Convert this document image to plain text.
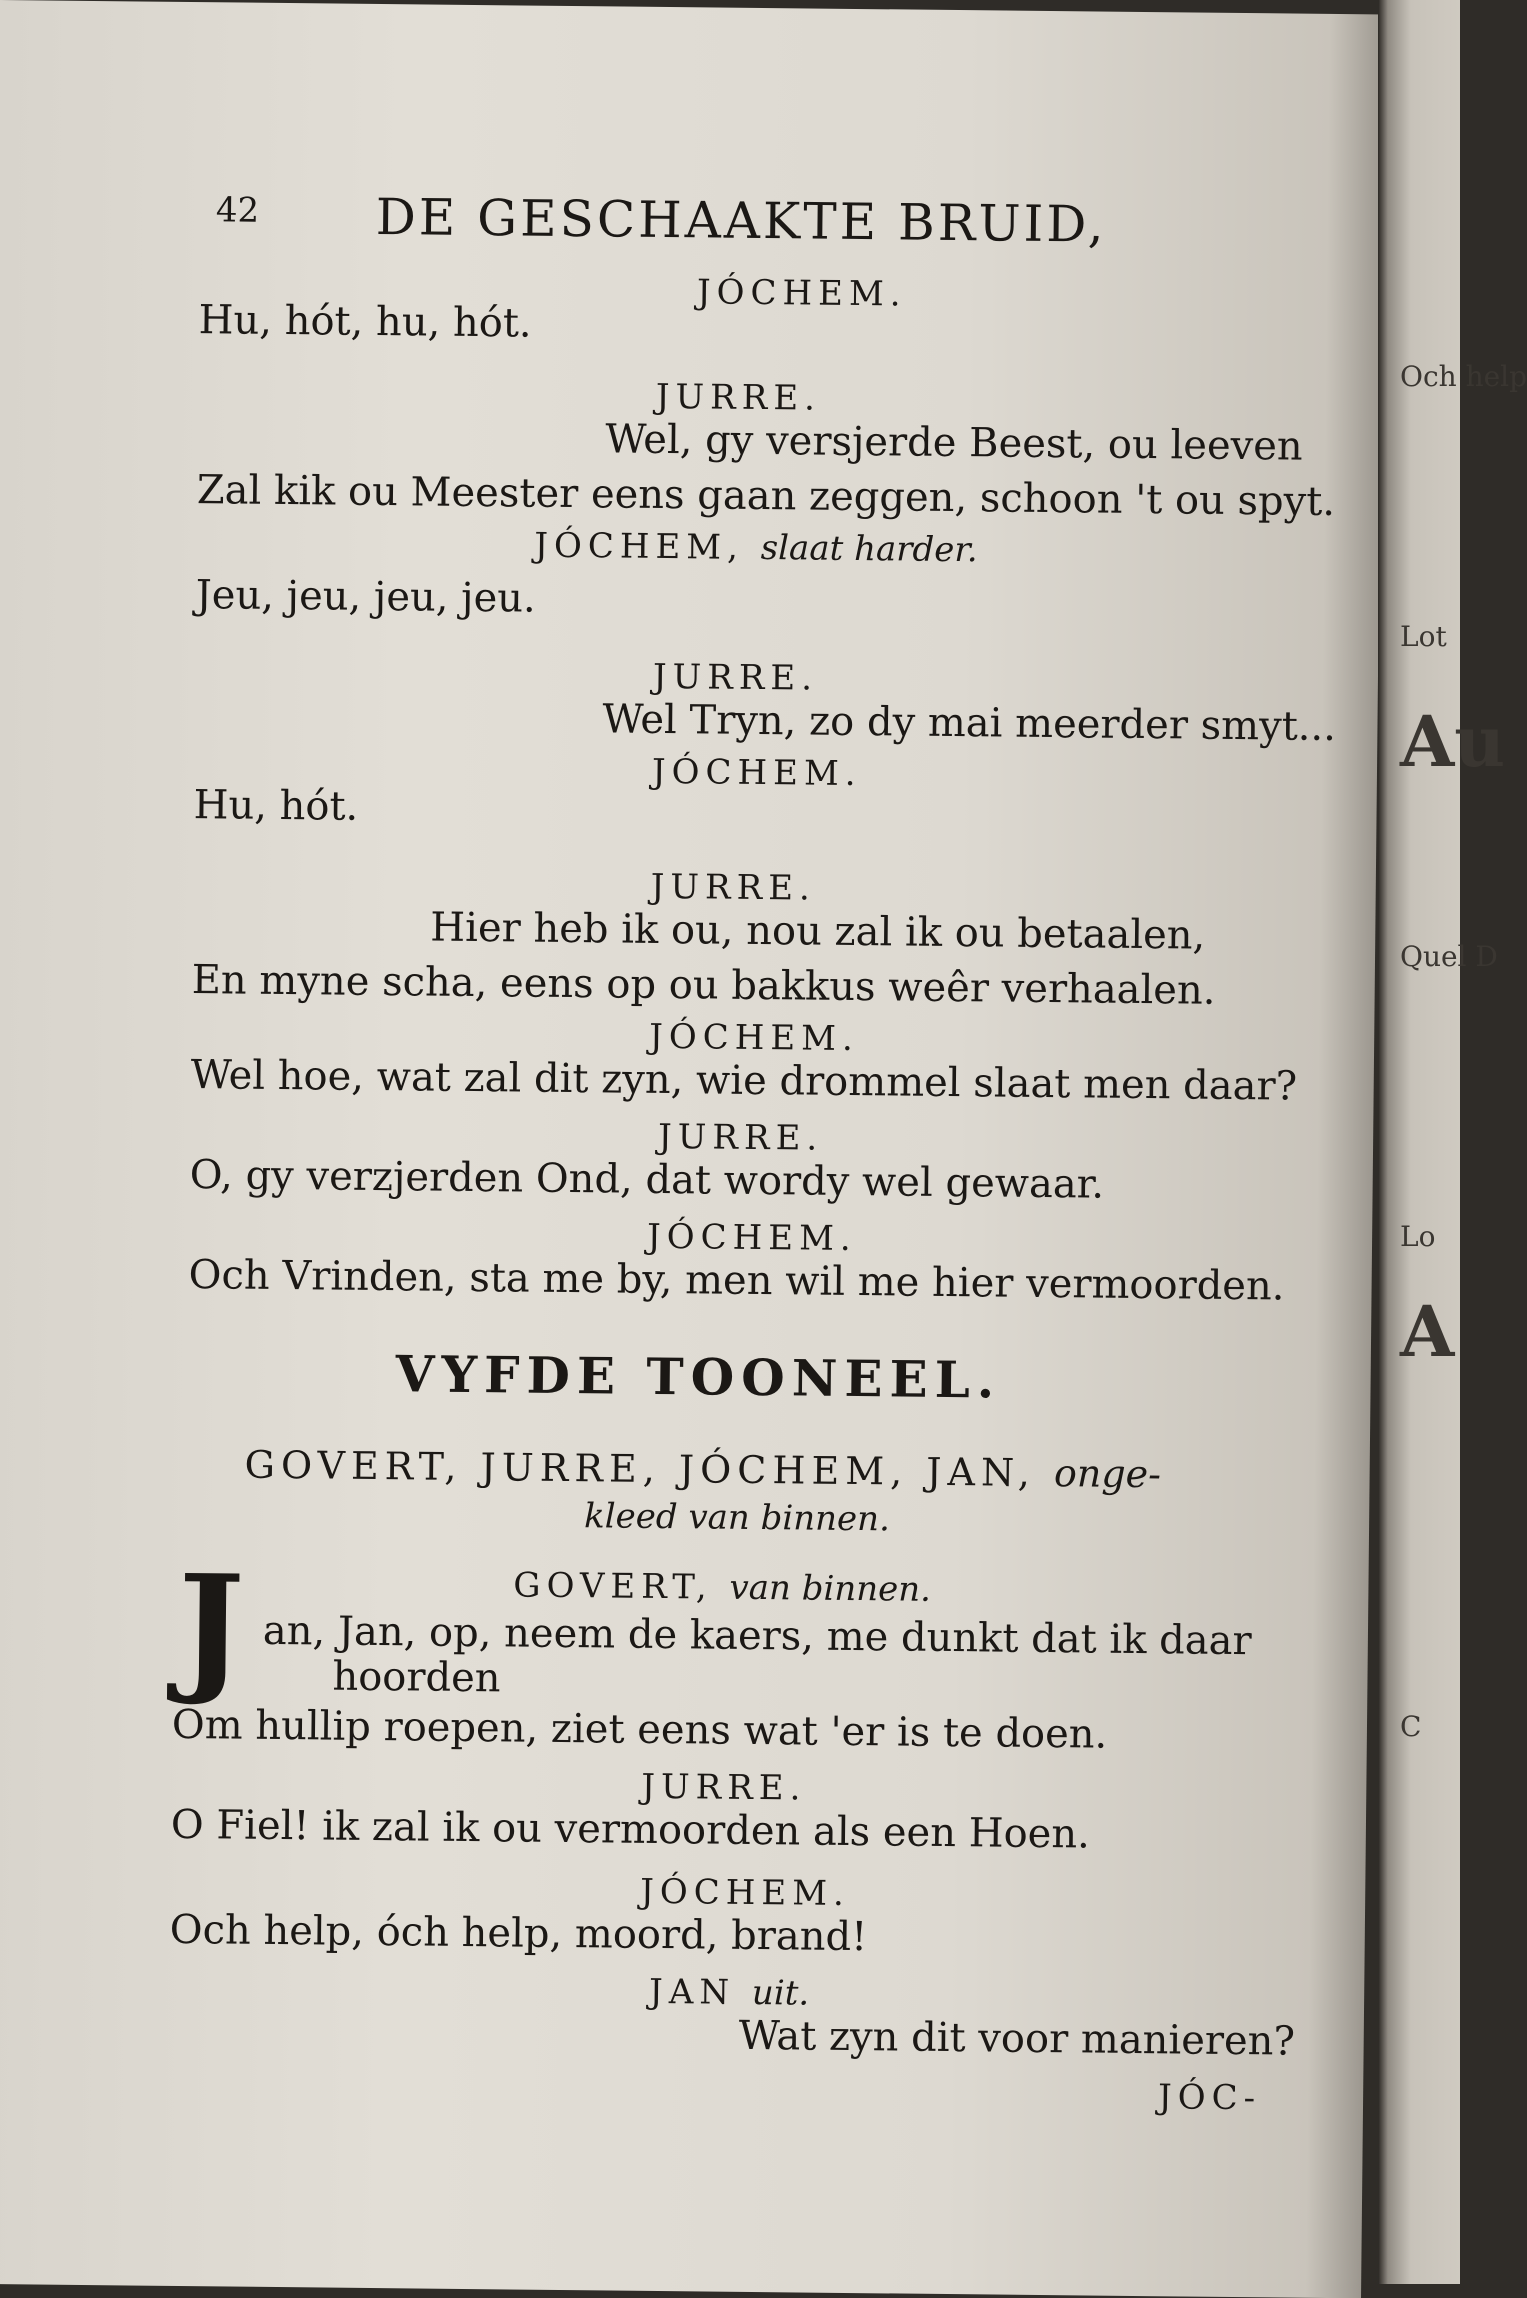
42 DE GESCHAAKTE BRUID,
JÓCHEM.
Hu, hót, hu, hót.
JURRE.
Wel, gy versjerde Beest, ou leeven
Zal kik ou Meester eens gaan zeggen, schoon 't ou spyt.
JÓCHEM, slaat harder.
Jeu, jeu, jeu, jeu.
JURRE.
Wel Tryn, zo dy mai meerder smyt...
JÓCHEM.
Hu, hót.
JURRE.
Hier heb ik ou, nou zal ik ou betaalen,
En myne scha, eens op ou bakkus weêr verhaalen.
JÓCHEM.
Wel hoe, wat zal dit zyn, wie drommel slaat men daar?
JURRE.
O, gy verzjerden Ond, dat wordy wel gewaar.
JÓCHEM.
Och Vrinden, sta me by, men wil me hier vermoorden.
VYFDE TOONEEL.
GOVERT, JURRE, JÓCHEM, JAN, onge-
kleed van binnen.
GOVERT, van binnen.
J an, Jan, op, neem de kaers, me dunkt dat ik daar
hoorden
Om hullip roepen, ziet eens wat 'er is te doen.
JURRE.
O Fiel! ik zal ik ou vermoorden als een Hoen.
JÓCHEM.
Och help, óch help, moord, brand!
JAN uit.
Wat zyn dit voor manieren?
JÓC-
Och help
Lot
Au
Quel D
Lo
A
C
